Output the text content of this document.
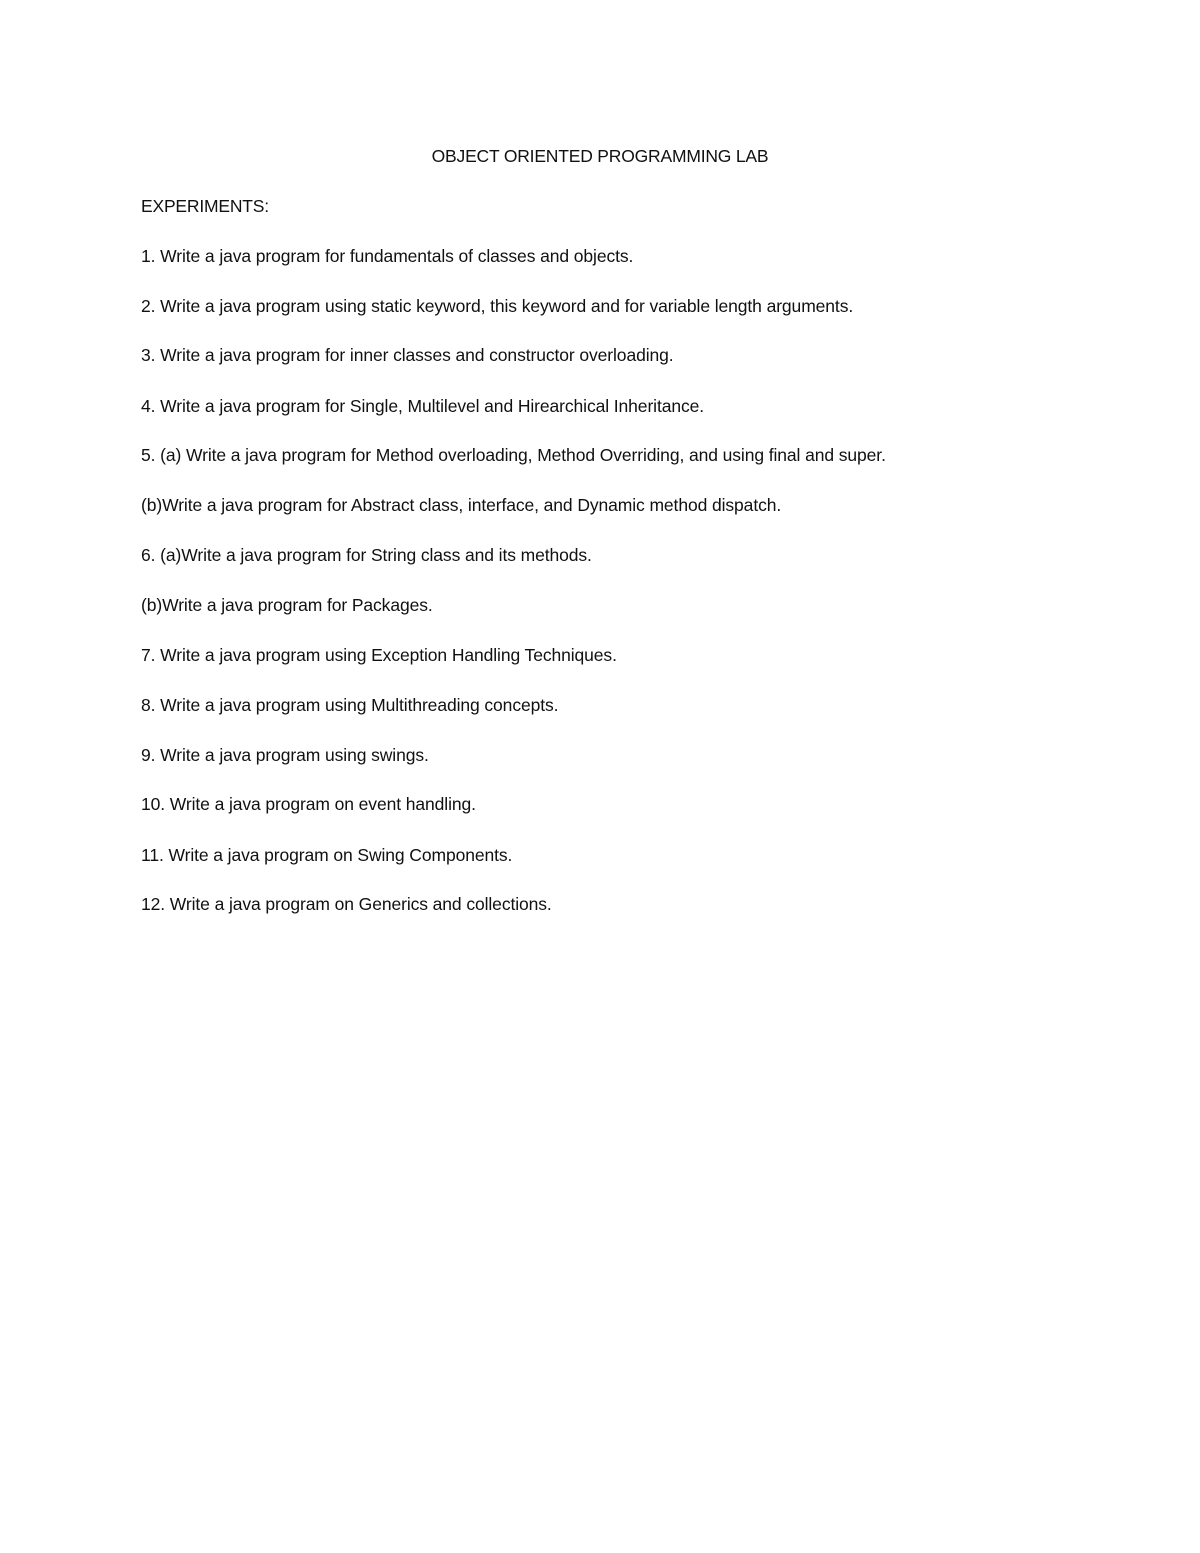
OBJECT ORIENTED PROGRAMMING LAB

EXPERIMENTS:

1. Write a java program for fundamentals of classes and objects.

2. Write a java program using static keyword, this keyword and for variable length arguments.

3. Write a java program for inner classes and constructor overloading.

4. Write a java program for Single, Multilevel and Hirearchical Inheritance.

5. (a) Write a java program for Method overloading, Method Overriding, and using final and super.

(b)Write a java program for Abstract class, interface, and Dynamic method dispatch.

6. (a)Write a java program for String class and its methods.

(b)Write a java program for Packages.

7. Write a java program using Exception Handling Techniques.

8. Write a java program using Multithreading concepts.

9. Write a java program using swings.

10. Write a java program on event handling.

11. Write a java program on Swing Components.

12. Write a java program on Generics and collections.
